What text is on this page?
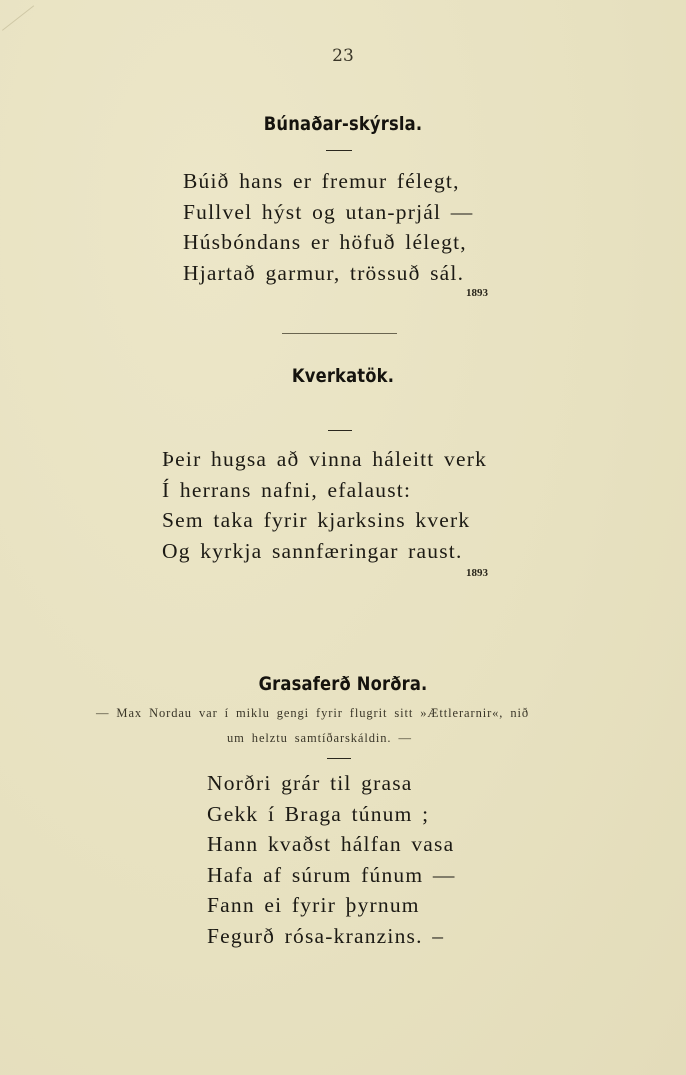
23
Búnaðar-skýrsla.
Búið hans er fremur félegt,
Fullvel hýst og utan-prjál —
Húsbóndans er höfuð lélegt,
Hjartað garmur, trössuð sál.
1893
Kverkatök.
Þeir hugsa að vinna háleitt verk
Í herrans nafni, efalaust:
Sem taka fyrir kjarksins kverk
Og kyrkja sannfæringar raust.
1893
Grasaferð Norðra.
— Max Nordau var í miklu gengi fyrir flugrit sitt »Ættlerarnir«, nið
um helztu samtíðarskáldin. —
Norðri grár til grasa
Gekk í Braga túnum ;
Hann kvaðst hálfan vasa
Hafa af súrum fúnum —
Fann ei fyrir þyrnum
Fegurð rósa-kranzins. –
